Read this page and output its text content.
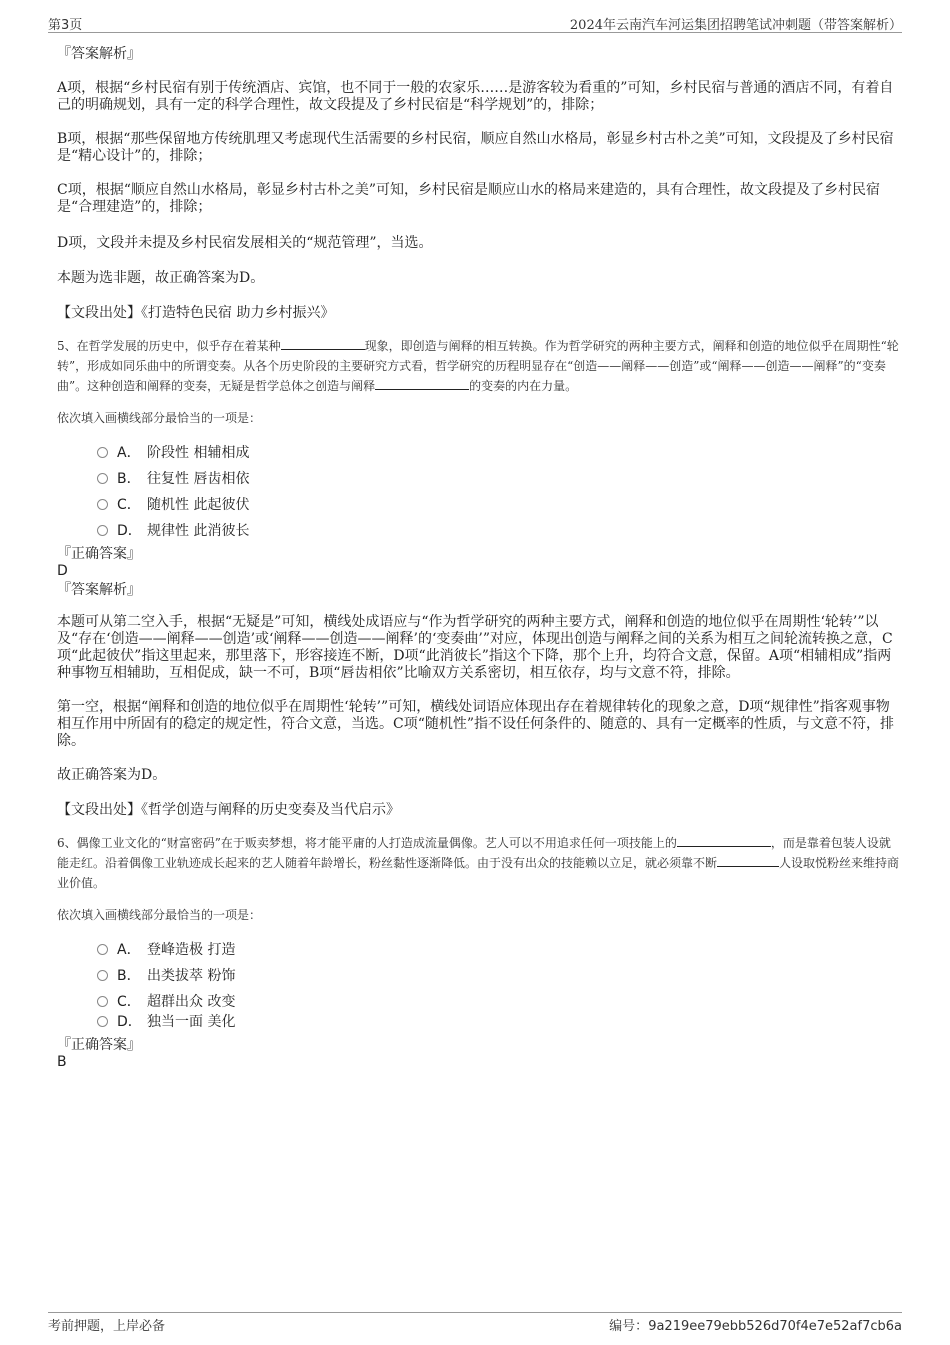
第3页	2024年云南汽车河运集团招聘笔试冲刺题（带答案解析）
『答案解析』

A项，根据“乡村民宿有别于传统酒店、宾馆，也不同于一般的农家乐……是游客较为看重的”可知，乡村民宿与普通的酒店不同，有着自己的明确规划，具有一定的科学合理性，故文段提及了乡村民宿是“科学规划”的，排除；

B项，根据“那些保留地方传统肌理又考虑现代生活需要的乡村民宿，顺应自然山水格局，彰显乡村古朴之美”可知，文段提及了乡村民宿是“精心设计”的，排除；

C项，根据“顺应自然山水格局，彰显乡村古朴之美”可知，乡村民宿是顺应山水的格局来建造的，具有合理性，故文段提及了乡村民宿是“合理建造”的，排除；

D项，文段并未提及乡村民宿发展相关的“规范管理”，当选。

本题为选非题，故正确答案为D。

【文段出处】《打造特色民宿 助力乡村振兴》

5、在哲学发展的历史中，似乎存在着某种	现象，即创造与阐释的相互转换。作为哲学研究的两种主要方式，阐释和创造的地位似乎在周期性“轮转”，形成如同乐曲中的所谓变奏。从各个历史阶段的主要研究方式看，哲学研究的历程明显存在“创造——阐释——创造”或“阐释——创造——阐释”的“变奏曲”。这种创造和阐释的变奏，无疑是哲学总体之创造与阐释	的变奏的内在力量。

依次填入画横线部分最恰当的一项是：

A． 阶段性 相辅相成
B． 往复性 唇齿相依
C． 随机性 此起彼伏
D． 规律性 此消彼长
『正确答案』
D
『答案解析』

本题可从第二空入手，根据“无疑是”可知，横线处成语应与“作为哲学研究的两种主要方式，阐释和创造的地位似乎在周期性‘轮转’”以及“存在‘创造——阐释——创造’或‘阐释——创造——阐释’的‘变奏曲’”对应，体现出创造与阐释之间的关系为相互之间轮流转换之意，C项“此起彼伏”指这里起来，那里落下，形容接连不断，D项“此消彼长”指这个下降，那个上升，均符合文意，保留。A项“相辅相成”指两种事物互相辅助，互相促成，缺一不可，B项“唇齿相依”比喻双方关系密切，相互依存，均与文意不符，排除。

第一空，根据“阐释和创造的地位似乎在周期性‘轮转’”可知，横线处词语应体现出存在着规律转化的现象之意，D项“规律性”指客观事物相互作用中所固有的稳定的规定性，符合文意，当选。C项“随机性”指不设任何条件的、随意的、具有一定概率的性质，与文意不符，排除。

故正确答案为D。

【文段出处】《哲学创造与阐释的历史变奏及当代启示》

6、偶像工业文化的“财富密码”在于贩卖梦想，将才能平庸的人打造成流量偶像。艺人可以不用追求任何一项技能上的	，而是靠着包装人设就能走红。沿着偶像工业轨迹成长起来的艺人随着年龄增长，粉丝黏性逐渐降低。由于没有出众的技能赖以立足，就必须靠不断	人设取悦粉丝来维持商业价值。

依次填入画横线部分最恰当的一项是：

A． 登峰造极 打造
B． 出类拔萃 粉饰
C． 超群出众 改变
D． 独当一面 美化
『正确答案』
B
考前押题，上岸必备	编号：9a219ee79ebb526d70f4e7e52af7cb6a
